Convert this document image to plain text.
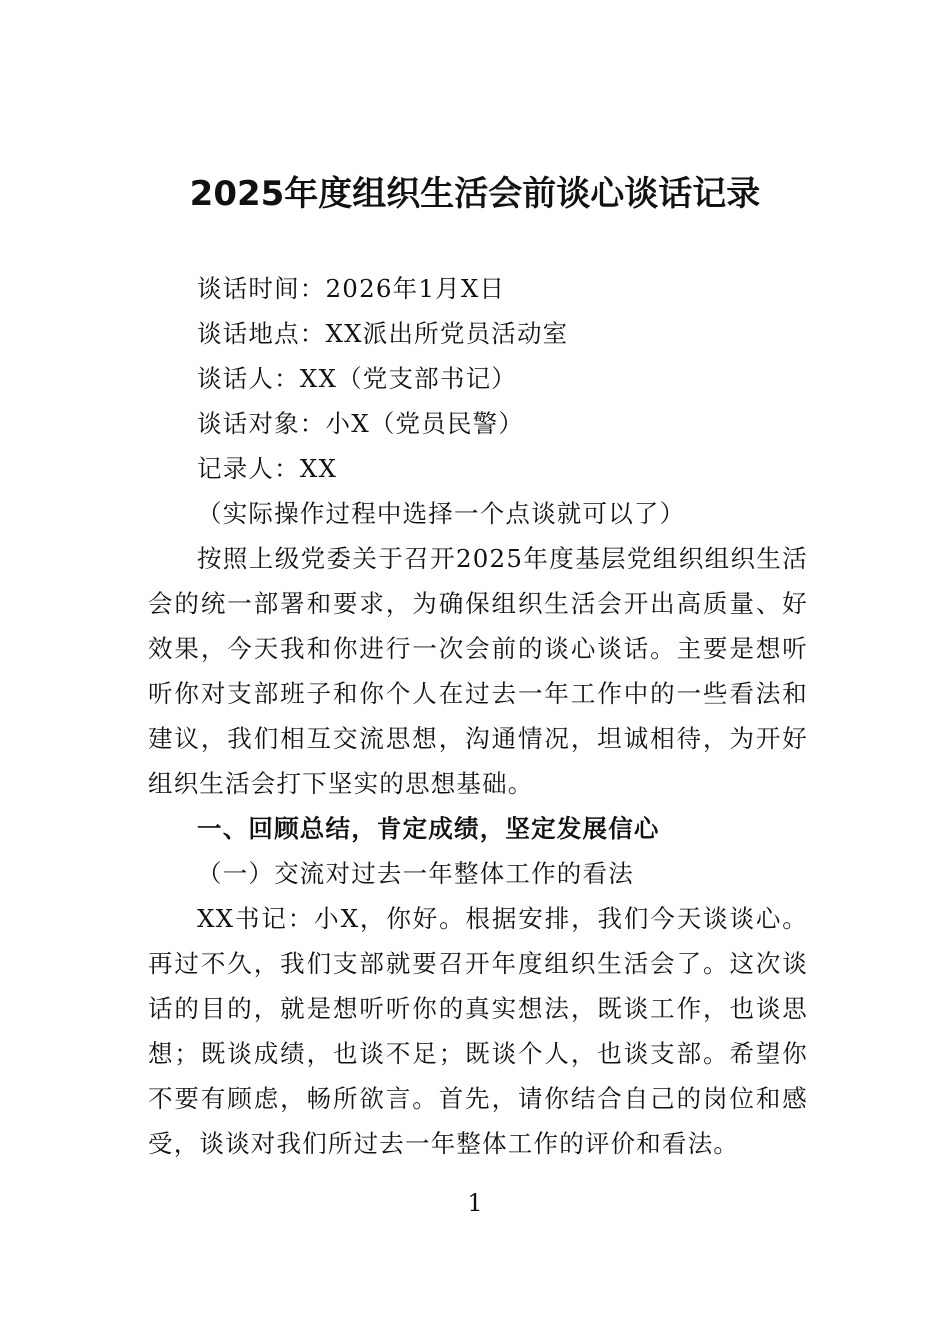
2025年度组织生活会前谈心谈话记录

谈话时间：2026年1月X日

谈话地点：XX派出所党员活动室

谈话人：XX（党支部书记）

谈话对象：小X（党员民警）

记录人：XX

（实际操作过程中选择一个点谈就可以了）

按照上级党委关于召开2025年度基层党组织组织生活会的统一部署和要求，为确保组织生活会开出高质量、好效果，今天我和你进行一次会前的谈心谈话。主要是想听听你对支部班子和你个人在过去一年工作中的一些看法和建议，我们相互交流思想，沟通情况，坦诚相待，为开好组织生活会打下坚实的思想基础。

一、回顾总结，肯定成绩，坚定发展信心

（一）交流对过去一年整体工作的看法

XX书记：小X，你好。根据安排，我们今天谈谈心。再过不久，我们支部就要召开年度组织生活会了。这次谈话的目的，就是想听听你的真实想法，既谈工作，也谈思想；既谈成绩，也谈不足；既谈个人，也谈支部。希望你不要有顾虑，畅所欲言。首先，请你结合自己的岗位和感受，谈谈对我们所过去一年整体工作的评价和看法。

1
